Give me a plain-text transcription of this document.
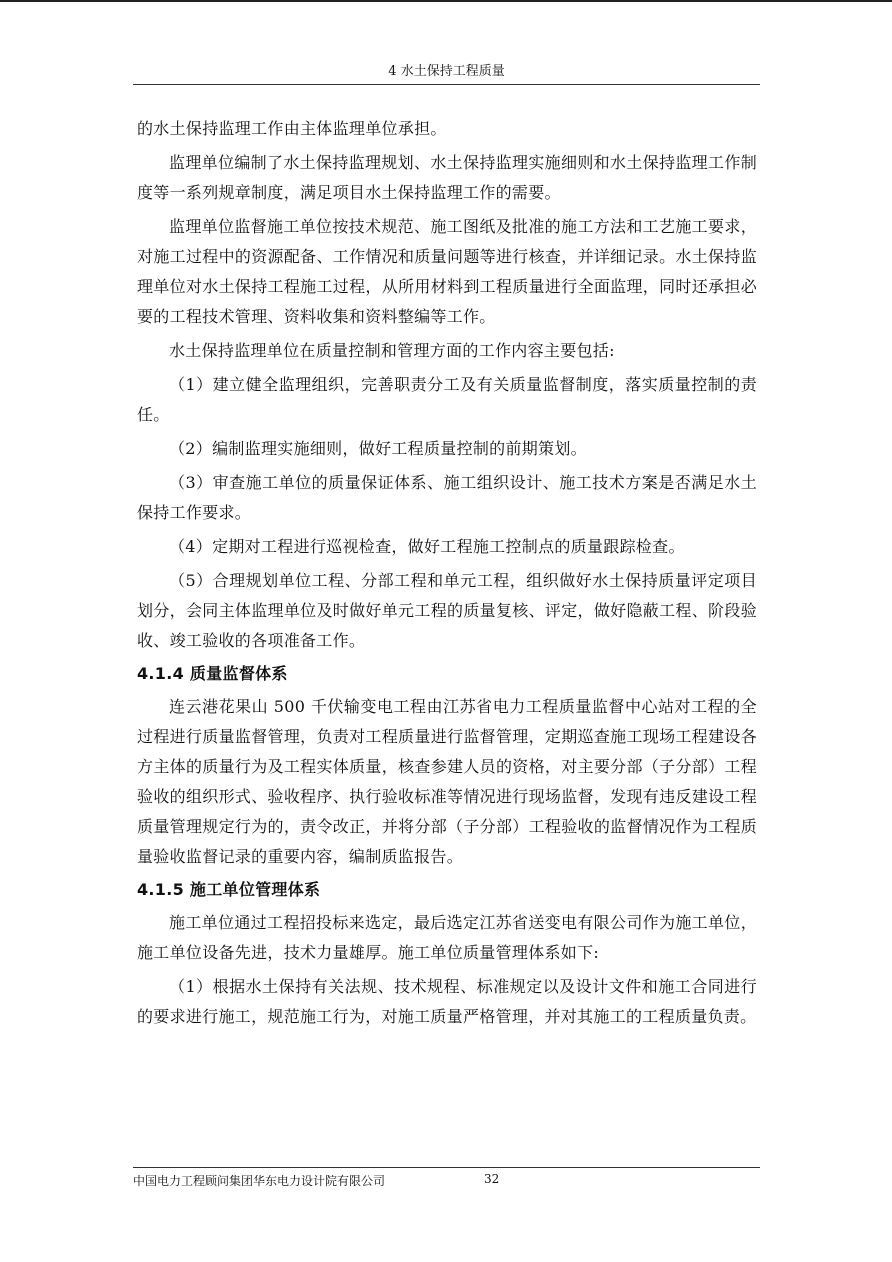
4 水土保持工程质量

的水土保持监理工作由主体监理单位承担。

监理单位编制了水土保持监理规划、水土保持监理实施细则和水土保持监理工作制度等一系列规章制度，满足项目水土保持监理工作的需要。

监理单位监督施工单位按技术规范、施工图纸及批准的施工方法和工艺施工要求，对施工过程中的资源配备、工作情况和质量问题等进行核查，并详细记录。水土保持监理单位对水土保持工程施工过程，从所用材料到工程质量进行全面监理，同时还承担必要的工程技术管理、资料收集和资料整编等工作。

水土保持监理单位在质量控制和管理方面的工作内容主要包括:

（1）建立健全监理组织，完善职责分工及有关质量监督制度，落实质量控制的责任。

（2）编制监理实施细则，做好工程质量控制的前期策划。

（3）审查施工单位的质量保证体系、施工组织设计、施工技术方案是否满足水土保持工作要求。

（4）定期对工程进行巡视检查，做好工程施工控制点的质量跟踪检查。

（5）合理规划单位工程、分部工程和单元工程，组织做好水土保持质量评定项目划分，会同主体监理单位及时做好单元工程的质量复核、评定，做好隐蔽工程、阶段验收、竣工验收的各项准备工作。

4.1.4 质量监督体系

连云港花果山 500 千伏输变电工程由江苏省电力工程质量监督中心站对工程的全过程进行质量监督管理，负责对工程质量进行监督管理，定期巡查施工现场工程建设各方主体的质量行为及工程实体质量，核查参建人员的资格，对主要分部（子分部）工程验收的组织形式、验收程序、执行验收标准等情况进行现场监督，发现有违反建设工程质量管理规定行为的，责令改正，并将分部（子分部）工程验收的监督情况作为工程质量验收监督记录的重要内容，编制质监报告。

4.1.5 施工单位管理体系

施工单位通过工程招投标来选定，最后选定江苏省送变电有限公司作为施工单位，施工单位设备先进，技术力量雄厚。施工单位质量管理体系如下:

（1）根据水土保持有关法规、技术规程、标准规定以及设计文件和施工合同进行的要求进行施工，规范施工行为，对施工质量严格管理，并对其施工的工程质量负责。

中国电力工程顾问集团华东电力设计院有限公司	32
